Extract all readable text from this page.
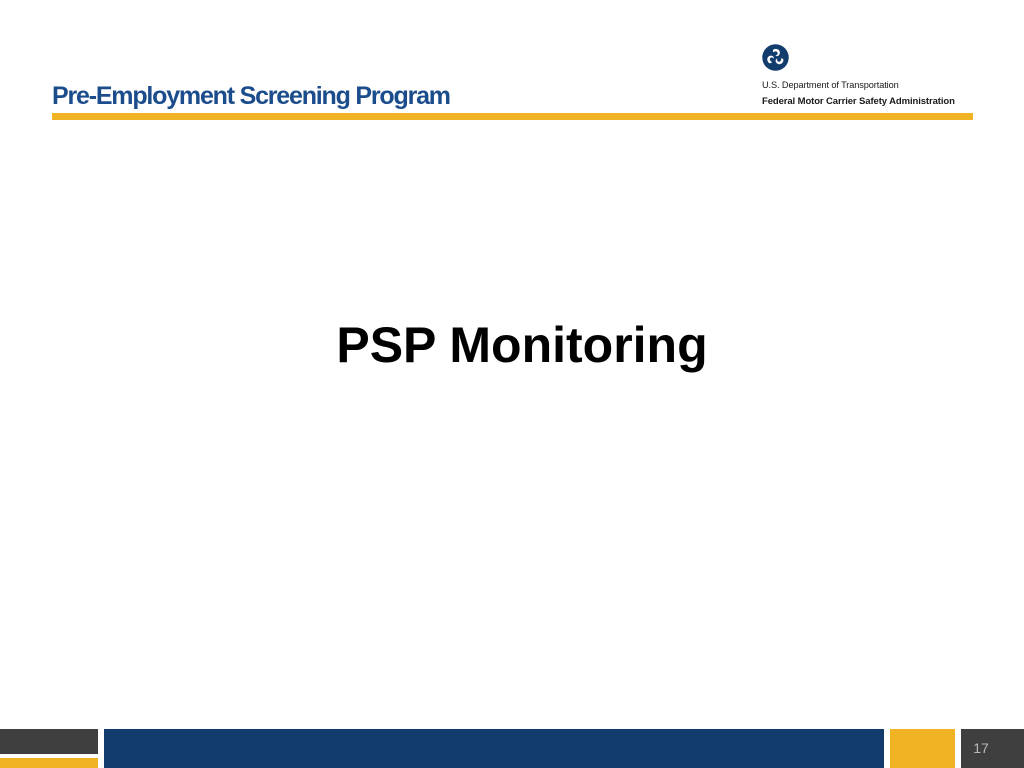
Pre-Employment Screening Program	U.S. Department of Transportation
Federal Motor Carrier Safety Administration
PSP Monitoring
17
